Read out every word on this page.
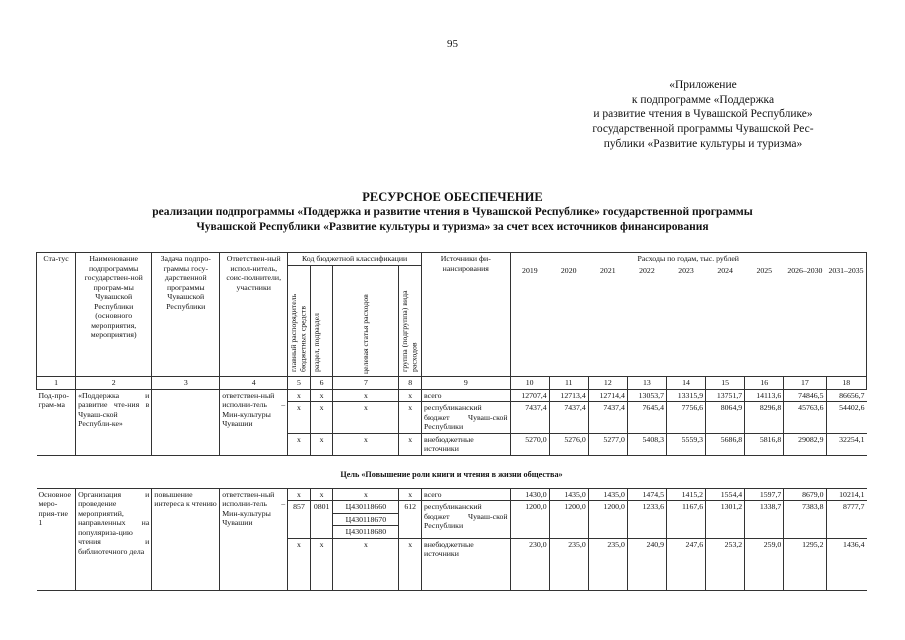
95
«Приложение
к подпрограмме «Поддержка
и развитие чтения в Чувашской Республике»
государственной программы Чувашской Рес-
публики «Развитие культуры и туризма»
РЕСУРСНОЕ ОБЕСПЕЧЕНИЕ
реализации подпрограммы «Поддержка и развитие чтения в Чувашской Республике» государственной программы
Чувашской Республики «Развитие культуры и туризма» за счет всех источников финансирования
Ста-тус	Наименование подпрограммы государствен-ной програм-мы Чувашской Республики (основного мероприятия, мероприятия)	Задача подпро-граммы госу-дарственной программы Чувашской Республики	Ответствен-ный испол-нитель, соис-полнители, участники	Код бюджетной классификации				Источники фи-нансирования	Расходы по годам, тыс. рублей								
				главный распорядитель бюджетных средств	раздел, подраздел	целевая статья расходов	группа (подгруппа) вида расходов		2019	2020	2021	2022	2023	2024	2025	2026–2030	2031–2035
1	2	3	4	5	6	7	8	9	10	11	12	13	14	15	16	17	18
Под-про-грам-ма	«Поддержка и развитие чте-ния в Чуваш-ской Республи-ке»		ответствен-ный исполни-тель – Мин-культуры Чувашии	x	x	x	x	всего	12707,4	12713,4	12714,4	13053,7	13315,9	13751,7	14113,6	74846,5	86656,7
				x	x	x	x	республиканский бюджет Чуваш-ской Республики	7437,4	7437,4	7437,4	7645,4	7756,6	8064,9	8296,8	45763,6	54402,6
				x	x	x	x	внебюджетные источники	5270,0	5276,0	5277,0	5408,3	5559,3	5686,8	5816,8	29082,9	32254,1
Цель «Повышение роли книги и чтения в жизни общества»																	
Основное меро-прия-тие 1	Организация и проведение мероприятий, направленных на популяриза-цию чтения и библиотечного дела	повышение интереса к чтению	ответствен-ный исполни-тель – Мин-культуры Чувашии	x	x	x	x	всего	1430,0	1435,0	1435,0	1474,5	1415,2	1554,4	1597,7	8679,0	10214,1
				857	0801	Ц430118660	612	республиканский бюджет Чуваш-ской Республики	1200,0	1200,0	1200,0	1233,6	1167,6	1301,2	1338,7	7383,8	8777,7
						Ц430118670											
						Ц430118680											
				x	x	x	x	внебюджетные источники	230,0	235,0	235,0	240,9	247,6	253,2	259,0	1295,2	1436,4
